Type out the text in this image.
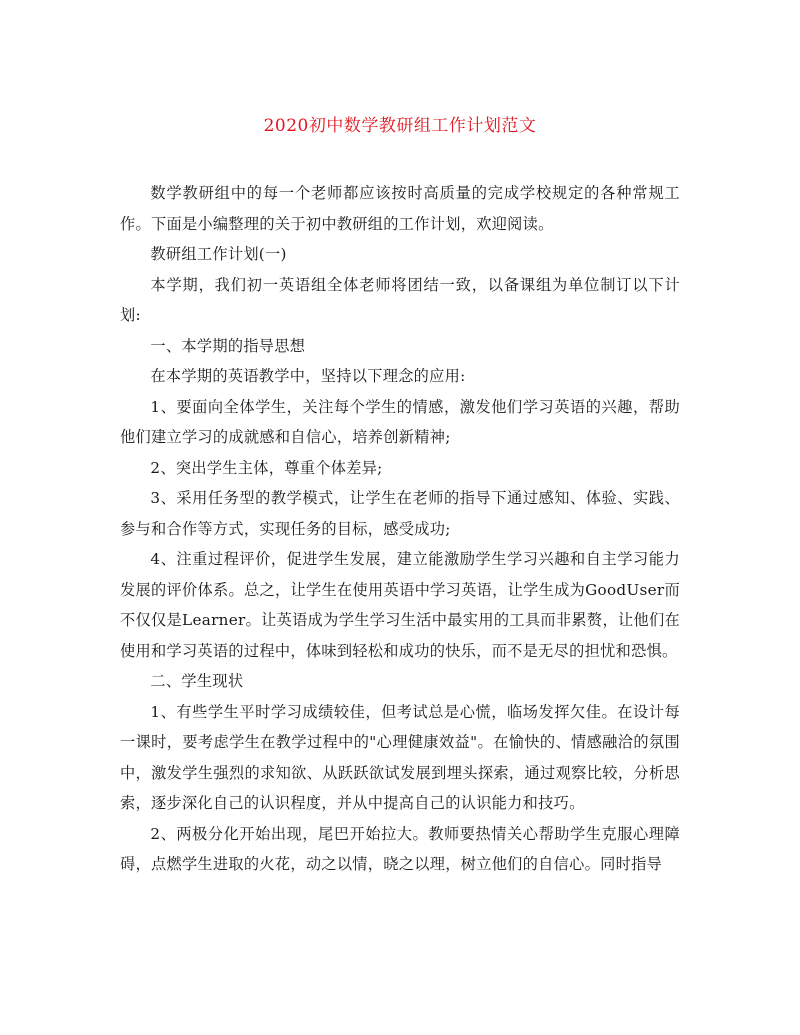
2020初中数学教研组工作计划范文

数学教研组中的每一个老师都应该按时高质量的完成学校规定的各种常规工作。下面是小编整理的关于初中教研组的工作计划，欢迎阅读。

教研组工作计划(一)

本学期，我们初一英语组全体老师将团结一致，以备课组为单位制订以下计划:

一、本学期的指导思想

在本学期的英语教学中，坚持以下理念的应用:

1、要面向全体学生，关注每个学生的情感，激发他们学习英语的兴趣，帮助他们建立学习的成就感和自信心，培养创新精神;

2、突出学生主体，尊重个体差异;

3、采用任务型的教学模式，让学生在老师的指导下通过感知、体验、实践、参与和合作等方式，实现任务的目标，感受成功;

4、注重过程评价，促进学生发展，建立能激励学生学习兴趣和自主学习能力发展的评价体系。总之，让学生在使用英语中学习英语，让学生成为GoodUser而不仅仅是Learner。让英语成为学生学习生活中最实用的工具而非累赘，让他们在使用和学习英语的过程中，体味到轻松和成功的快乐，而不是无尽的担忧和恐惧。

二、学生现状

1、有些学生平时学习成绩较佳，但考试总是心慌，临场发挥欠佳。在设计每一课时，要考虑学生在教学过程中的"心理健康效益"。在愉快的、情感融洽的氛围中，激发学生强烈的求知欲、从跃跃欲试发展到埋头探索，通过观察比较，分析思索，逐步深化自己的认识程度，并从中提高自己的认识能力和技巧。

2、两极分化开始出现，尾巴开始拉大。教师要热情关心帮助学生克服心理障碍，点燃学生进取的火花，动之以情，晓之以理，树立他们的自信心。同时指导
